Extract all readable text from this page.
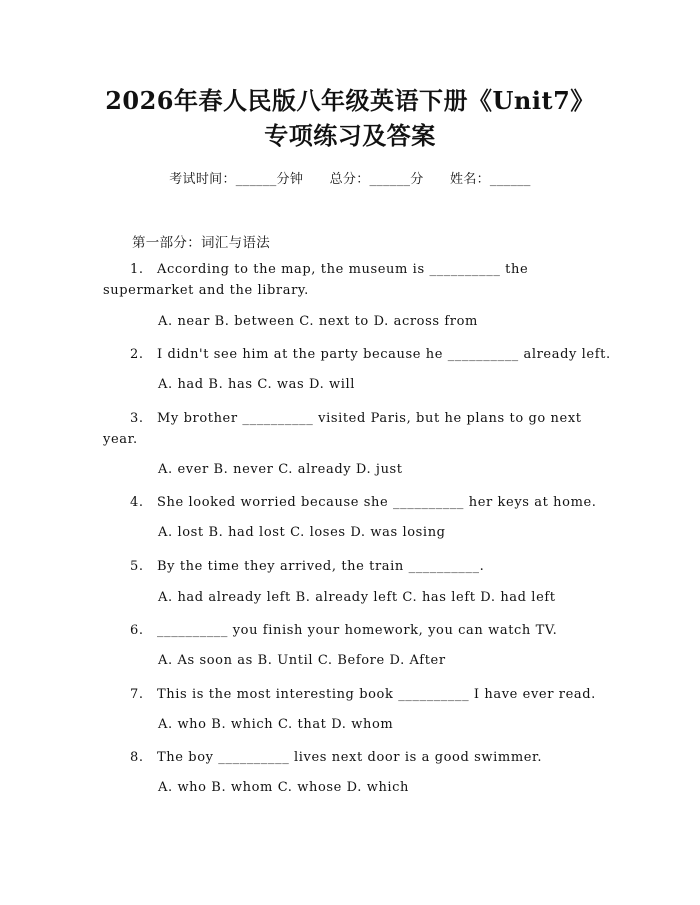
2026年春人民版八年级英语下册《Unit7》
专项练习及答案
考试时间：______分钟 总分：______分 姓名：______
第一部分：词汇与语法
1.	According to the map, the museum is __________ the supermarket and the library.
A. near B. between C. next to D. across from
2.	I didn't see him at the party because he __________ already left.
A. had B. has C. was D. will
3.	My brother __________ visited Paris, but he plans to go next year.
A. ever B. never C. already D. just
4.	She looked worried because she __________ her keys at home.
A. lost B. had lost C. loses D. was losing
5.	By the time they arrived, the train __________.
A. had already left B. already left C. has left D. had left
6.	__________ you finish your homework, you can watch TV.
A. As soon as B. Until C. Before D. After
7.	This is the most interesting book __________ I have ever read.
A. who B. which C. that D. whom
8.	The boy __________ lives next door is a good swimmer.
A. who B. whom C. whose D. which
